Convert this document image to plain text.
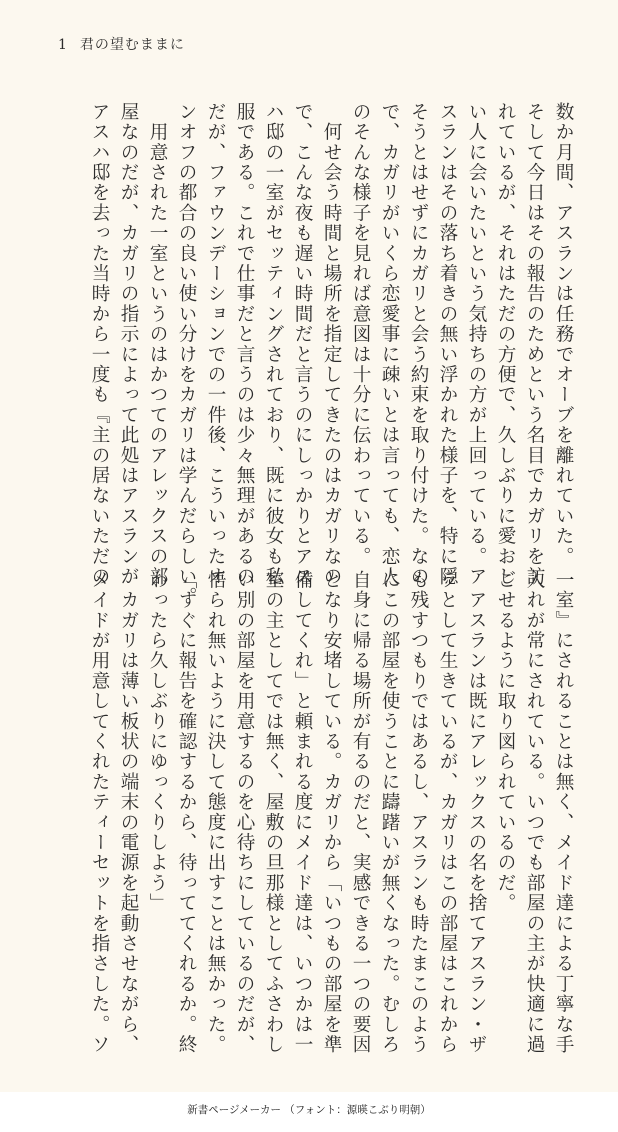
1 君の望むままに

数か月間、アスランは任務でオーブを離れていた。

そして今日はその報告のためという名目でカガリを訪

れているが、それはただの方便で、久しぶりに愛おし

い人に会いたいという気持ちの方が上回っている。ア

スランはその落ち着きの無い浮かれた様子を、特に隠

そうとはせずにカガリと会う約束を取り付けた。なの

で、カガリがいくら恋愛事に疎いとは言っても、恋人

のそんな様子を見れば意図は十分に伝わっている。

　何せ会う時間と場所を指定してきたのはカガリなの

で、こんな夜も遅い時間だと言うのにしっかりとアス

ハ邸の一室がセッティングされており、既に彼女も私

服である。これで仕事だと言うのは少々無理があるの

だが、ファウンデーションでの一件後、こういったオ

ンオフの都合の良い使い分けをカガリは学んだらしい。

　用意された一室というのはかつてのアレックスの部

屋なのだが、カガリの指示によって此処はアスランが

アスハ邸を去った当時から一度も『主の居ないただの

一室』にされることは無く、メイド達による丁寧な手

入れが常にされている。いつでも部屋の主が快適に過

ごせるように取り図られているのだ。

　アスランは既にアレックスの名を捨てアスラン・ザ

ラとして生きているが、カガリはこの部屋はこれから

も残すつもりではあるし、アスランも時たまこのよう

にこの部屋を使うことに躊躇いが無くなった。むしろ

自身に帰る場所が有るのだと、実感できる一つの要因

となり安堵している。カガリから「いつもの部屋を準

備してくれ」と頼まれる度にメイド達は、いつかは一

室の主としてでは無く、屋敷の旦那様としてふさわし

い別の部屋を用意するのを心待ちにしているのだが、

悟られ無いように決して態度に出すことは無かった。

「すぐに報告を確認するから、待っててくれるか。終

わったら久しぶりにゆっくりしよう」

　カガリは薄い板状の端末の電源を起動させながら、

メイドが用意してくれたティーセットを指さした。ソ

新書ページメーカー （フォント：源暎こぶり明朝）
